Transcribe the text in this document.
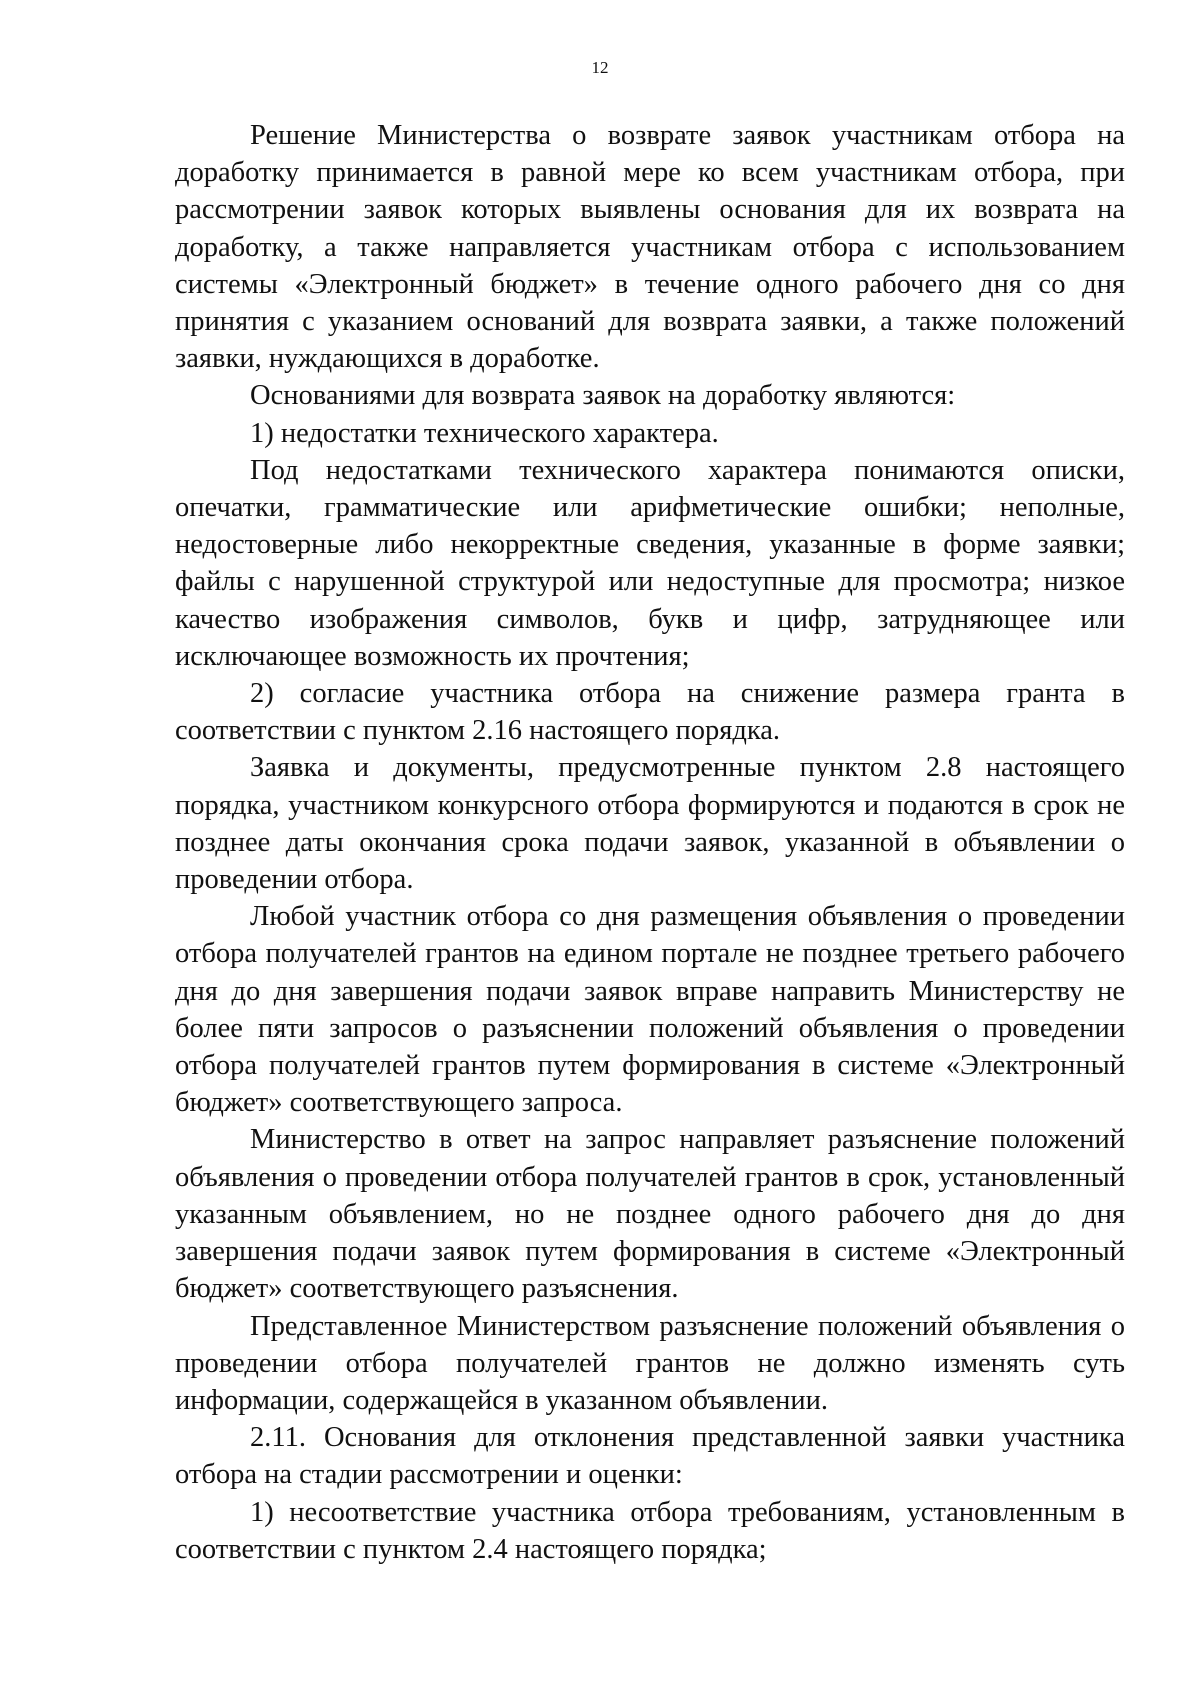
12

Решение Министерства о возврате заявок участникам отбора на доработку принимается в равной мере ко всем участникам отбора, при рассмотрении заявок которых выявлены основания для их возврата на доработку, а также направляется участникам отбора с использованием системы «Электронный бюджет» в течение одного рабочего дня со дня принятия с указанием оснований для возврата заявки, а также положений заявки, нуждающихся в доработке.

Основаниями для возврата заявок на доработку являются:

1) недостатки технического характера.

Под недостатками технического характера понимаются описки, опечатки, грамматические или арифметические ошибки; неполные, недостоверные либо некорректные сведения, указанные в форме заявки; файлы с нарушенной структурой или недоступные для просмотра; низкое качество изображения символов, букв и цифр, затрудняющее или исключающее возможность их прочтения;

2) согласие участника отбора на снижение размера гранта в соответствии с пунктом 2.16 настоящего порядка.

Заявка и документы, предусмотренные пунктом 2.8 настоящего порядка, участником конкурсного отбора формируются и подаются в срок не позднее даты окончания срока подачи заявок, указанной в объявлении о проведении отбора.

Любой участник отбора со дня размещения объявления о проведении отбора получателей грантов на едином портале не позднее третьего рабочего дня до дня завершения подачи заявок вправе направить Министерству не более пяти запросов о разъяснении положений объявления о проведении отбора получателей грантов путем формирования в системе «Электронный бюджет» соответствующего запроса.

Министерство в ответ на запрос направляет разъяснение положений объявления о проведении отбора получателей грантов в срок, установленный указанным объявлением, но не позднее одного рабочего дня до дня завершения подачи заявок путем формирования в системе «Электронный бюджет» соответствующего разъяснения.

Представленное Министерством разъяснение положений объявления о проведении отбора получателей грантов не должно изменять суть информации, содержащейся в указанном объявлении.

2.11. Основания для отклонения представленной заявки участника отбора на стадии рассмотрении и оценки:

1) несоответствие участника отбора требованиям, установленным в соответствии с пунктом 2.4 настоящего порядка;
